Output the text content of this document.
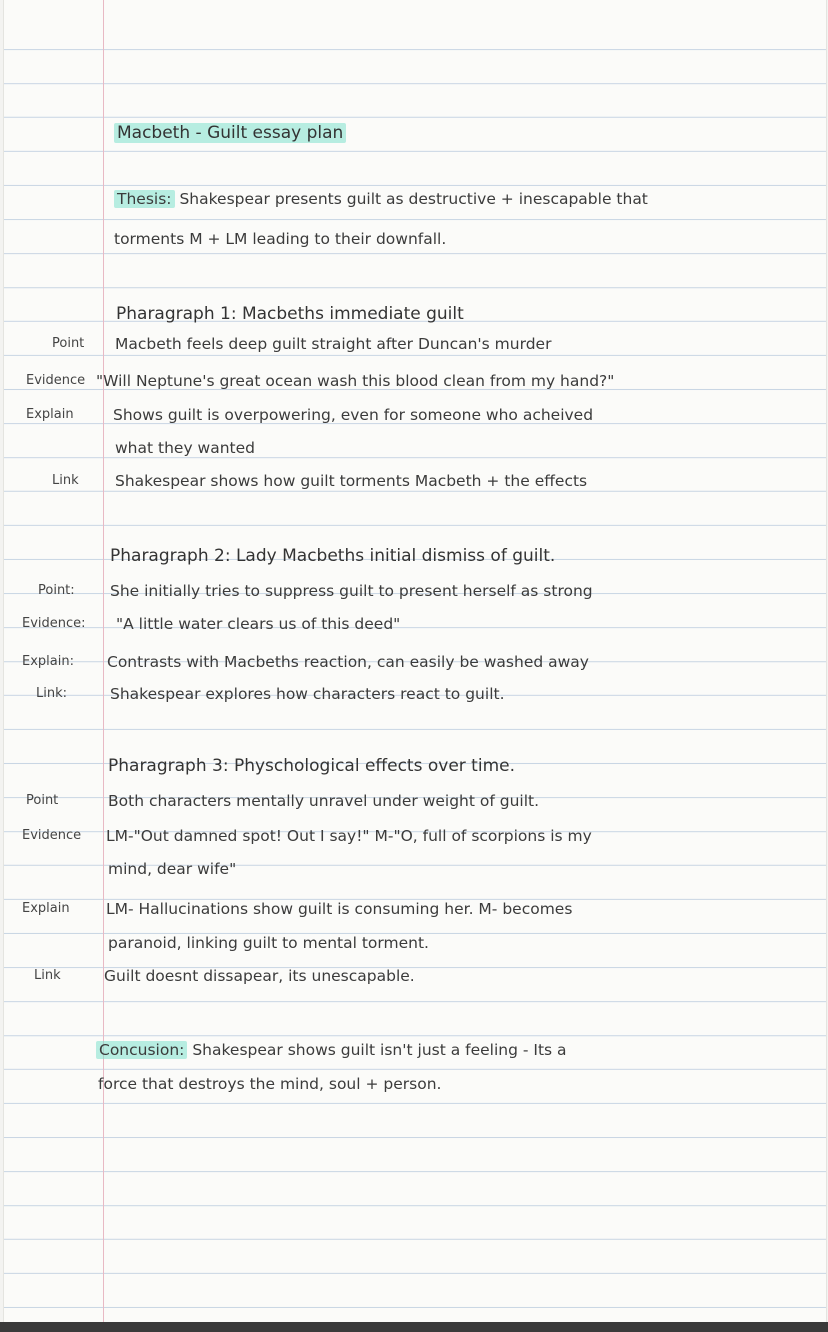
Macbeth - Guilt essay plan
Thesis: Shakespear presents guilt as destructive + inescapable that
torments M + LM leading to their downfall.
Pharagraph 1: Macbeths immediate guilt
Point Macbeth feels deep guilt straight after Duncan's murder
Evidence "Will Neptune's great ocean wash this blood clean from my hand?"
Explain	Shows guilt is overpowering, even for someone who acheived
what they wanted
Link Shakespear shows how guilt torments Macbeth + the effects
Pharagraph 2: Lady Macbeths initial dismiss of guilt.
Point: She initially tries to suppress guilt to present herself as strong
Evidence: "A little water clears us of this deed"
Explain: Contrasts with Macbeths reaction, can easily be washed away
Link:	Shakespear explores how characters react to guilt.
Pharagraph 3: Physchological effects over time.
Point	Both characters mentally unravel under weight of guilt.
Evidence LM-"Out damned spot! Out I say!" M-"O, full of scorpions is my
mind, dear wife"
Explain LM- Hallucinations show guilt is consuming her. M- becomes
paranoid, linking guilt to mental torment.
Link	Guilt doesnt dissapear, its unescapable.
Concusion: Shakespear shows guilt isn't just a feeling - Its a
force that destroys the mind, soul + person.
